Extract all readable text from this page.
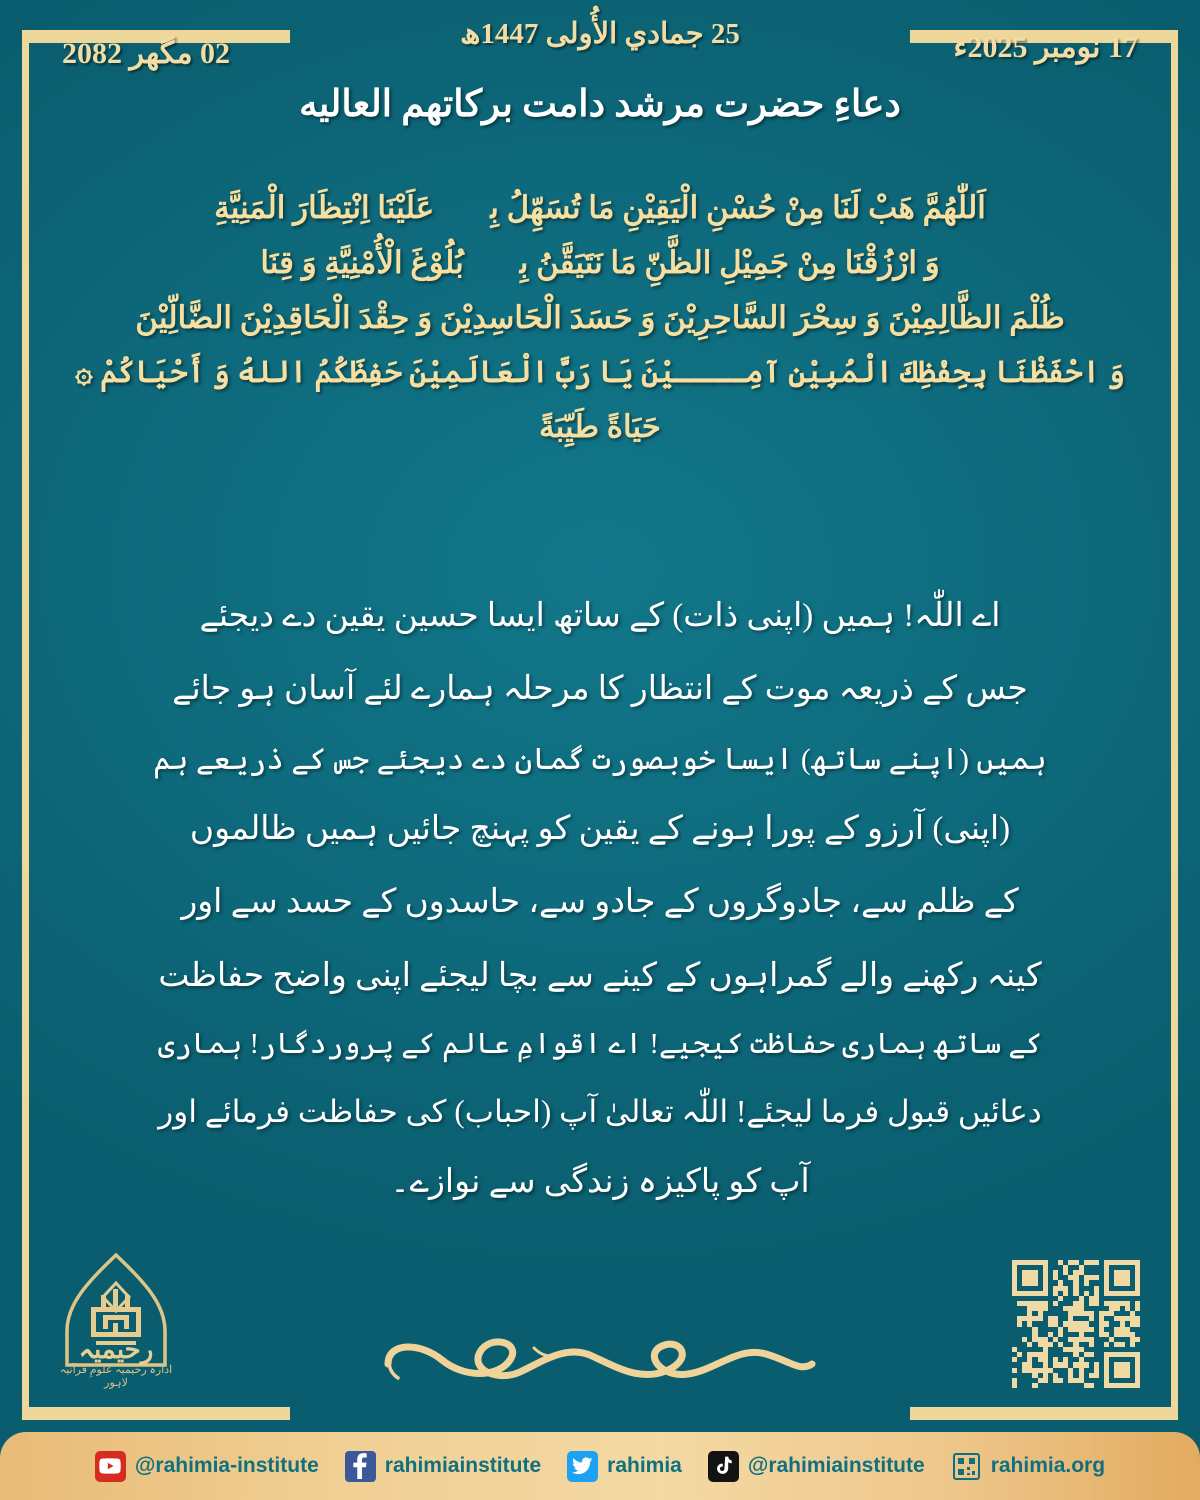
02 مگهر 2082
25 جمادي الأُولى 1447ھ	17 نومبر 2025ء
دعاءِ حضرت مرشد دامت بركاتهم العاليه
اَللّٰهُمَّ هَبْ لَنَا مِنْ حُسْنِ الْيَقِيْنِ مَا تُسَهِّلُ بِهٖ عَلَيْنَا اِنْتِظَارَ الْمَنِيَّةِ
وَ ارْزُقْنَا مِنْ جَمِيْلِ الظَّنِّ مَا نَتَيَقَّنُ بِهٖ بُلُوْغَ الْأُمْنِيَّةِ وَ قِنَا
ظُلْمَ الظَّالِمِيْنَ وَ سِحْرَ السَّاحِرِيْنَ وَ حَسَدَ الْحَاسِدِيْنَ وَ حِقْدَ الْحَاقِدِيْنَ الضَّالِّيْنَ
وَ احْفَظْنَا بِحِفْظِكَ الْمُبِيْنِ آمِــــيْنَ يَا رَبَّ الْعَالَمِيْنَ حَفِظَكُمُ اللهُ وَ أَحْيَاكُمْ ۞
حَيَاةً طَيِّبَةً
اے اللّٰہ! ہمیں (اپنی ذات) کے ساتھ ایسا حسین یقین دے دیجئے
جس کے ذریعہ موت کے انتظار کا مرحلہ ہمارے لئے آسان ہو جائے
ہمیں (اپنے ساتھ) ایسا خوبصورت گمان دے دیجئے جس کے ذریعے ہم
(اپنی) آرزو کے پورا ہونے کے یقین کو پہنچ جائیں ہمیں ظالموں
کے ظلم سے، جادوگروں کے جادو سے، حاسدوں کے حسد سے اور
کینہ رکھنے والے گمراہوں کے کینے سے بچا لیجئے اپنی واضح حفاظت
کے ساتھ ہماری حفاظت کیجیے! اے اقوامِ عالم کے پروردگار! ہماری
دعائیں قبول فرما لیجئے! اللّٰہ تعالیٰ آپ (احباب) کی حفاظت فرمائے اور
آپ کو پاکیزہ زندگی سے نوازے۔
رحیمیہ
ادارہ رحیمیہ علومِ قرآنیہ لاہور
rahimia.org
@rahimiainstitute
rahimia
rahimiainstitute
@rahimia-institute
